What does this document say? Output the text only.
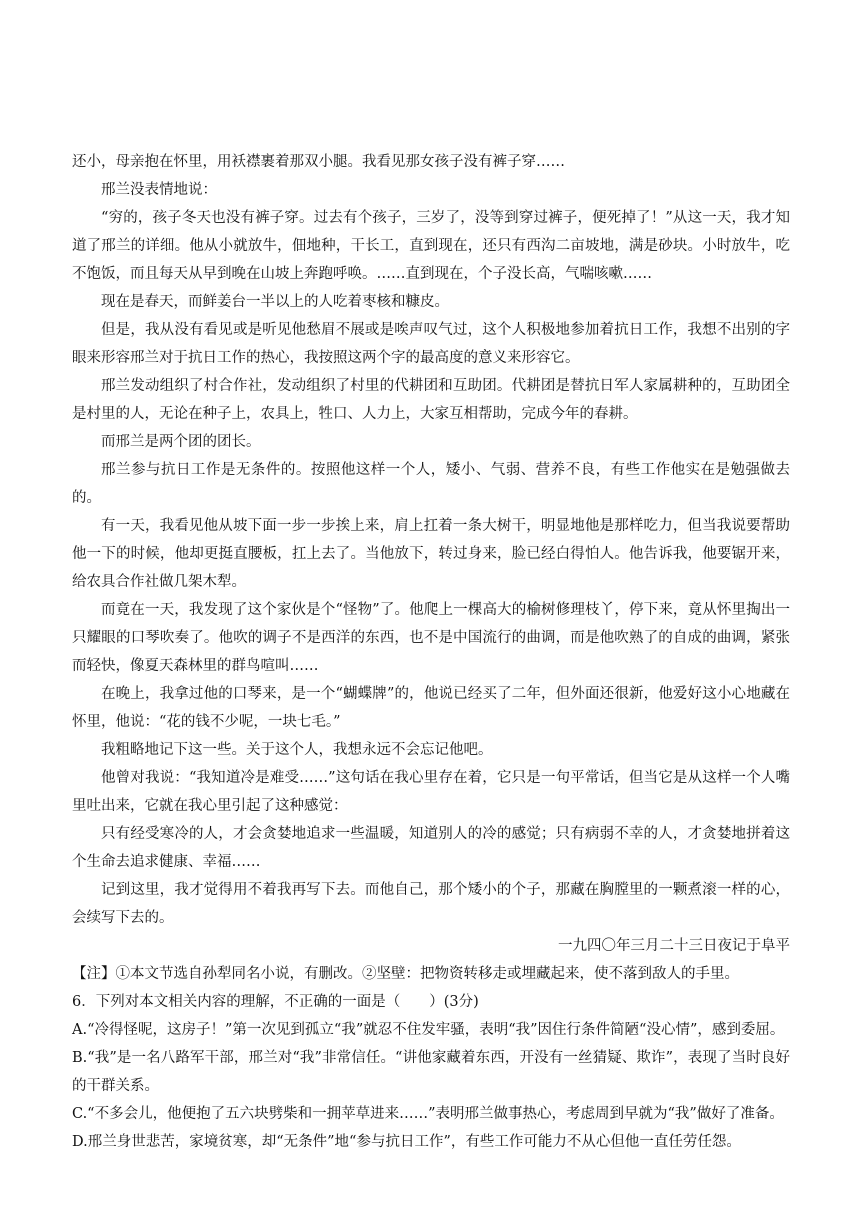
还小，母亲抱在怀里，用袄襟裹着那双小腿。我看见那女孩子没有裤子穿……

邢兰没表情地说：

“穷的，孩子冬天也没有裤子穿。过去有个孩子，三岁了，没等到穿过裤子，便死掉了！”从这一天，我才知道了邢兰的详细。他从小就放牛，佃地种，干长工，直到现在，还只有西沟二亩坡地，满是砂块。小时放牛，吃不饱饭，而且每天从早到晚在山坡上奔跑呼唤。……直到现在，个子没长高，气喘咳嗽……

现在是春天，而鲜姜台一半以上的人吃着枣核和糠皮。

但是，我从没有看见或是听见他愁眉不展或是唉声叹气过，这个人积极地参加着抗日工作，我想不出别的字眼来形容邢兰对于抗日工作的热心，我按照这两个字的最高度的意义来形容它。

邢兰发动组织了村合作社，发动组织了村里的代耕团和互助团。代耕团是替抗日军人家属耕种的，互助团全是村里的人，无论在种子上，农具上，牲口、人力上，大家互相帮助，完成今年的春耕。

而邢兰是两个团的团长。

邢兰参与抗日工作是无条件的。按照他这样一个人，矮小、气弱、营养不良，有些工作他实在是勉强做去的。

有一天，我看见他从坡下面一步一步挨上来，肩上扛着一条大树干，明显地他是那样吃力，但当我说要帮助他一下的时候，他却更挺直腰板，扛上去了。当他放下，转过身来，脸已经白得怕人。他告诉我，他要锯开来，给农具合作社做几架木犁。

而竟在一天，我发现了这个家伙是个“怪物”了。他爬上一棵高大的榆树修理枝丫，停下来，竟从怀里掏出一只耀眼的口琴吹奏了。他吹的调子不是西洋的东西，也不是中国流行的曲调，而是他吹熟了的自成的曲调，紧张而轻快，像夏天森林里的群鸟喧叫……

在晚上，我拿过他的口琴来，是一个“蝴蝶牌”的，他说已经买了二年，但外面还很新，他爱好这小心地藏在怀里，他说：“花的钱不少呢，一块七毛。”

我粗略地记下这一些。关于这个人，我想永远不会忘记他吧。

他曾对我说：“我知道冷是难受……”这句话在我心里存在着，它只是一句平常话，但当它是从这样一个人嘴里吐出来，它就在我心里引起了这种感觉：

只有经受寒冷的人，才会贪婪地追求一些温暖，知道别人的冷的感觉；只有病弱不幸的人，才贪婪地拼着这个生命去追求健康、幸福……

记到这里，我才觉得用不着我再写下去。而他自己，那个矮小的个子，那藏在胸膛里的一颗煮滚一样的心，会续写下去的。

一九四〇年三月二十三日夜记于阜平

【注】①本文节选自孙犁同名小说，有删改。②坚壁：把物资转移走或埋藏起来，使不落到敌人的手里。

6．下列对本文相关内容的理解，不正确的一面是（　　）(3分)

A.“冷得怪呢，这房子！”第一次见到孤立“我”就忍不住发牢骚，表明“我”因住行条件简陋“没心情”，感到委屈。

B.“我”是一名八路军干部，邢兰对“我”非常信任。“讲他家藏着东西，开没有一丝猜疑、欺诈”，表现了当时良好的干群关系。

C.“不多会儿，他便抱了五六块劈柴和一拥苹草进来……”表明邢兰做事热心，考虑周到早就为“我”做好了准备。

D.邢兰身世悲苦，家境贫寒，却“无条件”地“参与抗日工作”，有些工作可能力不从心但他一直任劳任怨。
